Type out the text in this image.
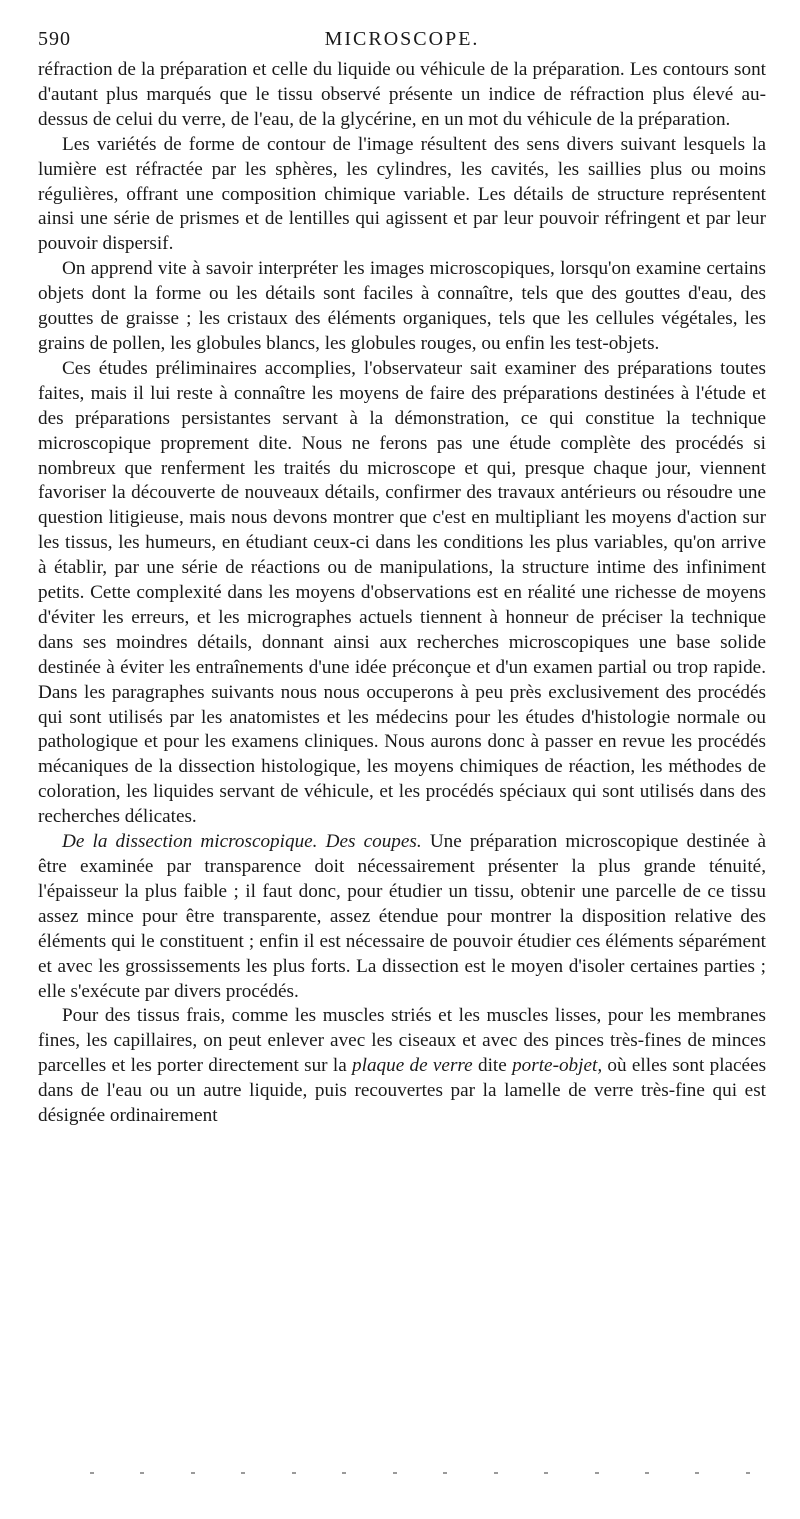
590	MICROSCOPE.

réfraction de la préparation et celle du liquide ou véhicule de la préparation. Les contours sont d'autant plus marqués que le tissu observé présente un indice de réfraction plus élevé au-dessus de celui du verre, de l'eau, de la glycérine, en un mot du véhicule de la préparation.

Les variétés de forme de contour de l'image résultent des sens divers suivant lesquels la lumière est réfractée par les sphères, les cylindres, les cavités, les saillies plus ou moins régulières, offrant une composition chimique variable. Les détails de structure représentent ainsi une série de prismes et de lentilles qui agissent et par leur pouvoir réfringent et par leur pouvoir dispersif.

On apprend vite à savoir interpréter les images microscopiques, lorsqu'on examine certains objets dont la forme ou les détails sont faciles à connaître, tels que des gouttes d'eau, des gouttes de graisse ; les cristaux des éléments organiques, tels que les cellules végétales, les grains de pollen, les globules blancs, les globules rouges, ou enfin les test-objets.

Ces études préliminaires accomplies, l'observateur sait examiner des préparations toutes faites, mais il lui reste à connaître les moyens de faire des préparations destinées à l'étude et des préparations persistantes servant à la démonstration, ce qui constitue la technique microscopique proprement dite. Nous ne ferons pas une étude complète des procédés si nombreux que renferment les traités du microscope et qui, presque chaque jour, viennent favoriser la découverte de nouveaux détails, confirmer des travaux antérieurs ou résoudre une question litigieuse, mais nous devons montrer que c'est en multipliant les moyens d'action sur les tissus, les humeurs, en étudiant ceux-ci dans les conditions les plus variables, qu'on arrive à établir, par une série de réactions ou de manipulations, la structure intime des infiniment petits. Cette complexité dans les moyens d'observations est en réalité une richesse de moyens d'éviter les erreurs, et les micrographes actuels tiennent à honneur de préciser la technique dans ses moindres détails, donnant ainsi aux recherches microscopiques une base solide destinée à éviter les entraînements d'une idée préconçue et d'un examen partial ou trop rapide. Dans les paragraphes suivants nous nous occuperons à peu près exclusivement des procédés qui sont utilisés par les anatomistes et les médecins pour les études d'histologie normale ou pathologique et pour les examens cliniques. Nous aurons donc à passer en revue les procédés mécaniques de la dissection histologique, les moyens chimiques de réaction, les méthodes de coloration, les liquides servant de véhicule, et les procédés spéciaux qui sont utilisés dans des recherches délicates.

De la dissection microscopique. Des coupes. Une préparation microscopique destinée à être examinée par transparence doit nécessairement présenter la plus grande ténuité, l'épaisseur la plus faible ; il faut donc, pour étudier un tissu, obtenir une parcelle de ce tissu assez mince pour être transparente, assez étendue pour montrer la disposition relative des éléments qui le constituent ; enfin il est nécessaire de pouvoir étudier ces éléments séparément et avec les grossissements les plus forts. La dissection est le moyen d'isoler certaines parties ; elle s'exécute par divers procédés.

Pour des tissus frais, comme les muscles striés et les muscles lisses, pour les membranes fines, les capillaires, on peut enlever avec les ciseaux et avec des pinces très-fines de minces parcelles et les porter directement sur la plaque de verre dite porte-objet, où elles sont placées dans de l'eau ou un autre liquide, puis recouvertes par la lamelle de verre très-fine qui est désignée ordinairement
